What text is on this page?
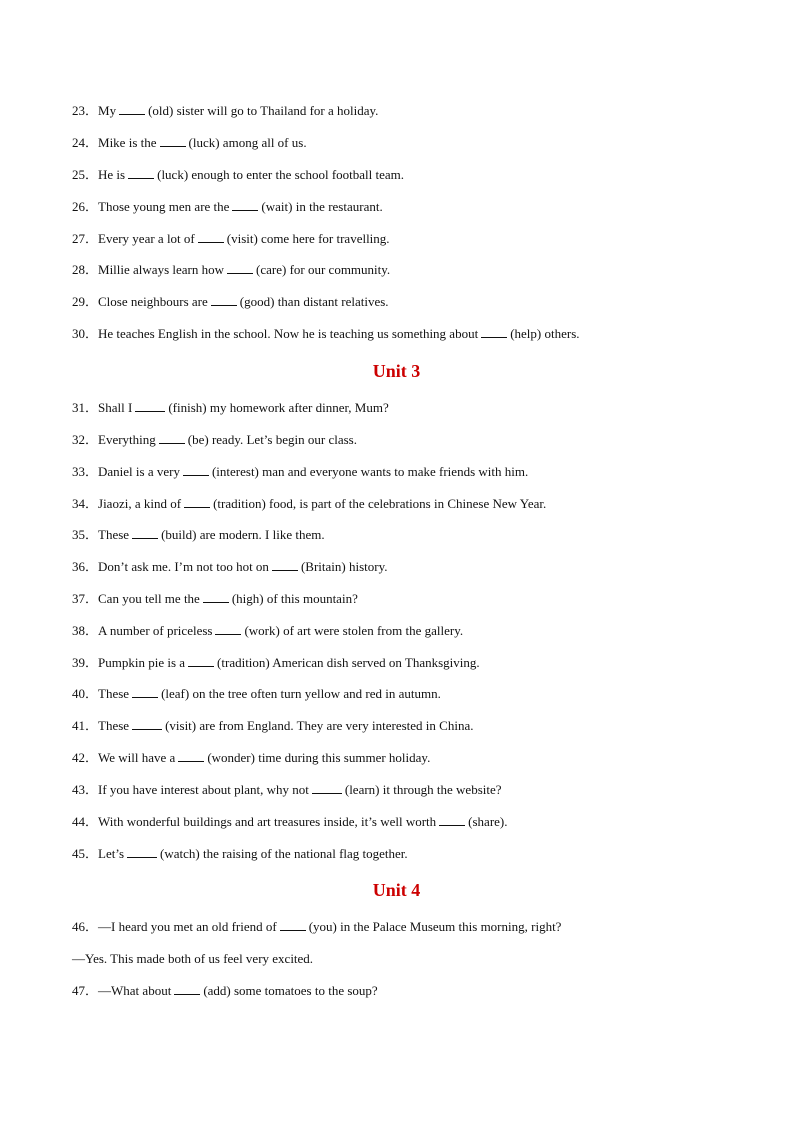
23．My (old) sister will go to Thailand for a holiday.
24．Mike is the (luck) among all of us.
25．He is (luck) enough to enter the school football team.
26．Those young men are the (wait) in the restaurant.
27．Every year a lot of (visit) come here for travelling.
28．Millie always learn how (care) for our community.
29．Close neighbours are (good) than distant relatives.
30．He teaches English in the school. Now he is teaching us something about (help) others.
Unit 3
31．Shall I	(finish) my homework after dinner, Mum?
32．Everything (be) ready. Let’s begin our class.
33．Daniel is a very (interest) man and everyone wants to make friends with him.
34．Jiaozi, a kind of (tradition) food, is part of the celebrations in Chinese New Year.
35．These (build) are modern. I like them.
36．Don’t ask me. I’m not too hot on (Britain) history.
37．Can you tell me the (high) of this mountain?
38．A number of priceless (work) of art were stolen from the gallery.
39．Pumpkin pie is a (tradition) American dish served on Thanksgiving.
40．These (leaf) on the tree often turn yellow and red in autumn.
41．These	(visit) are from England. They are very interested in China.
42．We will have a (wonder) time during this summer holiday.
43．If you have interest about plant, why not	(learn) it through the website?
44．With wonderful buildings and art treasures inside, it’s well worth (share).
45．Let’s	(watch) the raising of the national flag together.
Unit 4
46．—I heard you met an old friend of (you) in the Palace Museum this morning, right?
—Yes. This made both of us feel very excited.
47．—What about (add) some tomatoes to the soup?
